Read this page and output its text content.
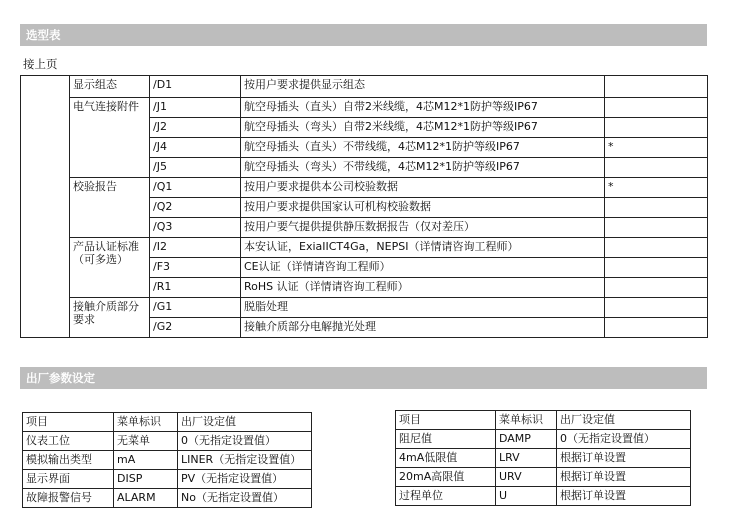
选型表
接上页
	显示组态	/D1	按用户要求提供显示组态	
	电气连接附件	/J1	航空母插头（直头）自带2米线缆，4芯M12*1防护等级IP67	
		/J2	航空母插头（弯头）自带2米线缆，4芯M12*1防护等级IP67	
		/J4	航空母插头（直头）不带线缆，4芯M12*1防护等级IP67	*
		/J5	航空母插头（弯头）不带线缆，4芯M12*1防护等级IP67	
	校验报告	/Q1	按用户要求提供本公司校验数据	*
		/Q2	按用户要求提供国家认可机构校验数据	
		/Q3	按用户要气提供提供静压数据报告（仅对差压）	
	产品认证标准（可多选）	/I2	本安认证，ExiaIICT4Ga，NEPSI（详情请咨询工程师）	
		/F3	CE认证（详情请咨询工程师）	
		/R1	RoHS 认证（详情请咨询工程师）	
	接触介质部分要求	/G1	脱脂处理	
		/G2	接触介质部分电解抛光处理	
出厂参数设定
项目	菜单标识	出厂设定值
仪表工位	无菜单	0（无指定设置值）
模拟输出类型	mA	LINER（无指定设置值）
显示界面	DISP	PV（无指定设置值）
故障报警信号	ALARM	No（无指定设置值）
项目	菜单标识	出厂设定值
阻尼值	DAMP	0（无指定设置值）
4mA低限值	LRV	根据订单设置
20mA高限值	URV	根据订单设置
过程单位	U	根据订单设置
